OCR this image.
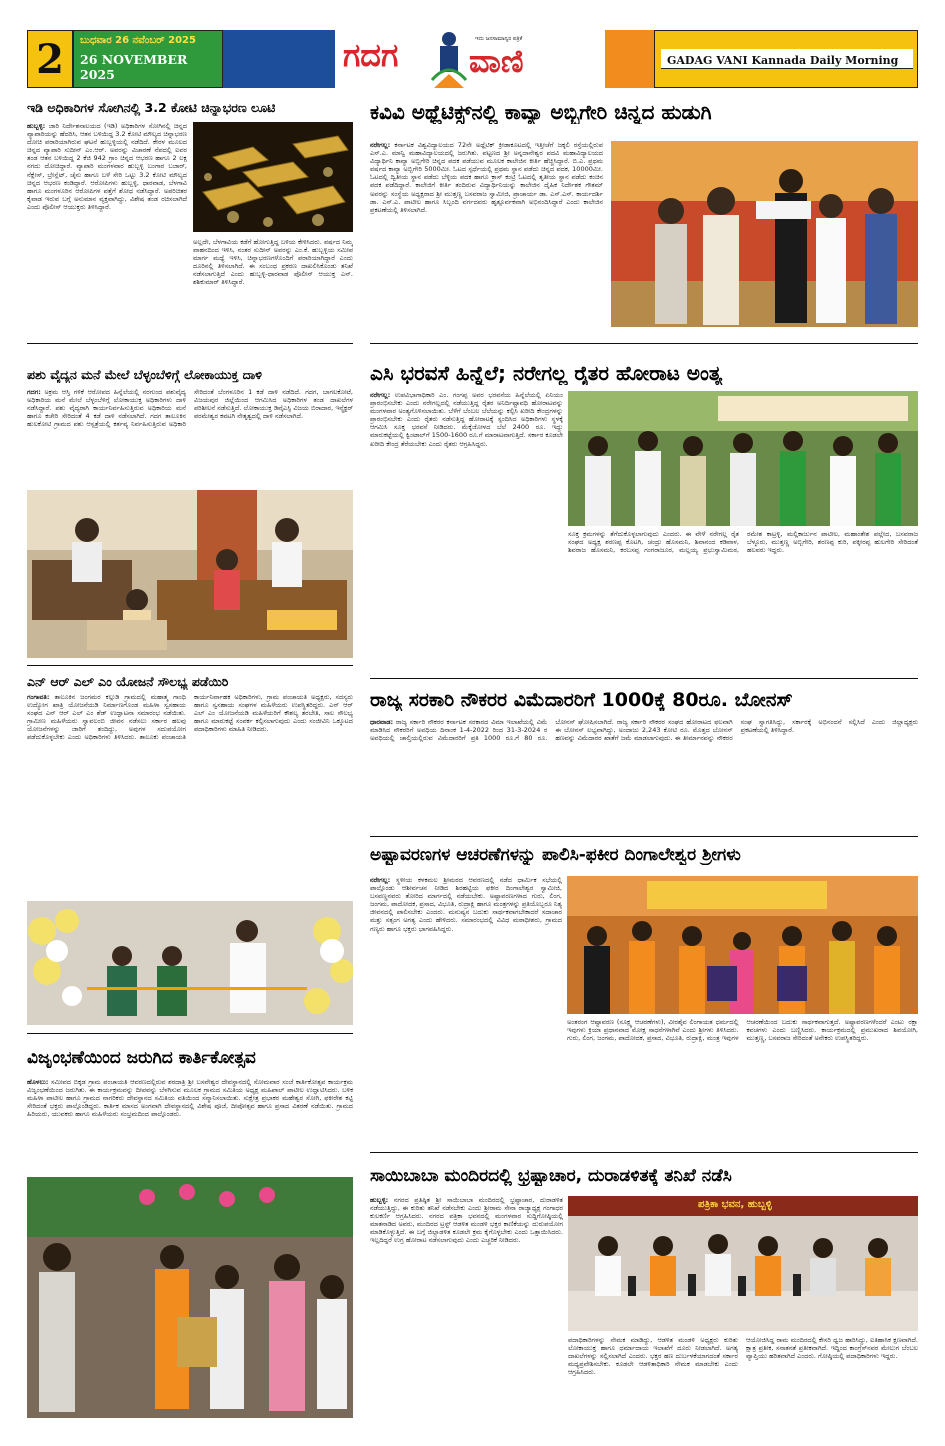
2 ಬುಧವಾರ 26 ನವೆಂಬರ್ 2025
26 NOVEMBER 2025
ಗದಗ	ಇದು ಜನಸಾಮಾನ್ಯರ ಪತ್ರಿಕೆ
ವಾಣಿ	GADAG VANI Kannada Daily Morning
ಇಡಿ ಅಧಿಕಾರಿಗಳ ಸೋಗಿನಲ್ಲಿ 3.2 ಕೋಟಿ ಚಿನ್ನಾಭರಣ ಲೂಟಿ

ಹುಬ್ಬಳ್ಳಿ: ಜಾರಿ ನಿರ್ದೇಶನಾಲಯದ (ಇಡಿ) ಅಧಿಕಾರಿಗಳ ಸೋಗಿನಲ್ಲಿ ಚಿನ್ನದ ವ್ಯಾಪಾರಿಯನ್ನು ಹೆದರಿಸಿ, ಆತನ ಬಳಿಯಿದ್ದ 3.2 ಕೋಟಿ ಮೌಲ್ಯದ ಚಿನ್ನಾಭರಣ ದೋಚಿ ಪರಾರಿಯಾಗಿರುವ ಘಟನೆ ಹುಬ್ಬಳ್ಳಿಯಲ್ಲಿ ನಡೆದಿದೆ. ಕೇರಳ ಮೂಲದ ಚಿನ್ನದ ವ್ಯಾಪಾರಿ ಸುದೀನ್ ಎಂ.ಆರ್. ಅವರನ್ನು ವಿಚಾರಣೆ ನೆಪದಲ್ಲಿ ಐವರ ತಂಡ ಆತನ ಬಳಿಯಿದ್ದ 2 ಕೆಜಿ 942 ಗ್ರಾಂ ಚಿನ್ನದ ಆಭರಣ ಹಾಗೂ 2 ಲಕ್ಷ ನಗದು ದೋಚಿದ್ದಾರೆ. ವ್ಯಾಪಾರಿ ಮಂಗಳವಾರ ಹುಬ್ಬಳ್ಳಿ ಬಂಗಾರ ಬಜಾರ್, ನೆಕ್ಲೇಸ್, ಬ್ರೇಸ್ಲೆಟ್, ಚೈನು ಹಾಗೂ ಬಳೆ ಸೇರಿ ಒಟ್ಟು 3.2 ಕೋಟಿ ಮೌಲ್ಯದ ಚಿನ್ನದ ಆಭರಣ ಕಂಡಿದ್ದಾರೆ. ಆರೋಪಿಗಳು ಹುಬ್ಬಳ್ಳಿ, ಧಾರವಾಡ, ಬೆಳಗಾವಿ ಹಾಗೂ ಮಂಗಳೂರಿನ ಆರೋಪಿಗಳ ಪತ್ತೆಗೆ ಶೋಧ ನಡೆಸಿದ್ದಾರೆ. ಅಪರಿಚಿತರ ಕೈವಾಡ ಇರುವ ಬಗ್ಗೆ ಅನುಮಾನ ವ್ಯಕ್ತವಾಗಿದ್ದು, ವಿಶೇಷ ತಂಡ ರಚಿಸಲಾಗಿದೆ ಎಂದು ಪೊಲೀಸ್ ಆಯುಕ್ತರು ತಿಳಿಸಿದ್ದಾರೆ.

ಅಲ್ಲದೇ, ಬೆಳಗಾವಿಯ ಕಡೆಗೆ ಹೋಗುತ್ತಿದ್ದ ಬಳಿಯ ಕೇಳಿಸಿದರು. ವರ್ಷದ ನಿಮ್ಮ ವಾಹನದಿಂದ ಇಳಿಸಿ, ನಂತರ ಸುದೀನ್ ಅವರನ್ನು ಎಂ.ಕೆ. ಹುಬ್ಬಳ್ಳಿಯ ಸಮೀಪ ಮಾರ್ಗ ಮಧ್ಯೆ ಇಳಿಸಿ, ಚಿನ್ನಾಭರಣಗಳೊಂದಿಗೆ ಪರಾರಿಯಾಗಿದ್ದಾರೆ ಎಂದು ದೂರಿನಲ್ಲಿ ತಿಳಿಸಲಾಗಿದೆ. ಈ ಸಂಬಂಧ ಪ್ರಕರಣ ದಾಖಲಿಸಿಕೊಂಡು ತನಿಖೆ ನಡೆಸಲಾಗುತ್ತಿದೆ ಎಂದು ಹುಬ್ಬಳ್ಳಿ-ಧಾರವಾಡ ಪೊಲೀಸ್ ಆಯುಕ್ತ ಎನ್. ಶಶಿಕುಮಾರ್ ತಿಳಿಸಿದ್ದಾರೆ.
ಪಶು ವೈದ್ಯನ ಮನೆ ಮೇಲೆ ಬೆಳ್ಳಂಬೆಳಿಗ್ಗೆ ಲೋಕಾಯುಕ್ತ ದಾಳಿ

ಗದಗ: ಅಕ್ರಮ ಆಸ್ತಿ ಗಳಿಕೆ ಆರೋಪದ ಹಿನ್ನೆಲೆಯಲ್ಲಿ ನರಗುಂದ ಪಶುವೈದ್ಯ ಅಧಿಕಾರಿಯ ಮನೆ ಮೇಲೆ ಬೆಳ್ಳಂಬೆಳಿಗ್ಗೆ ಲೋಕಾಯುಕ್ತ ಅಧಿಕಾರಿಗಳು ದಾಳಿ ನಡೆಸಿದ್ದಾರೆ. ಪಶು ವೈದ್ಯರಾಗಿ ಕಾರ್ಯನಿರ್ವಹಿಸುತ್ತಿರುವ ಅಧಿಕಾರಿಯ ಮನೆ ಹಾಗೂ ಕಚೇರಿ ಸೇರಿದಂತೆ 4 ಕಡೆ ದಾಳಿ ನಡೆಸಲಾಗಿದೆ. ಗದಗ ತಾಲೂಕಿನ ಹುಲಕೋಟಿ ಗ್ರಾಮದ ಪಶು ಆಸ್ಪತ್ರೆಯಲ್ಲಿ ಕರ್ತವ್ಯ ನಿರ್ವಹಿಸುತ್ತಿರುವ ಅಧಿಕಾರಿ ಸೇರಿದಂತೆ ಬೆಂಗಳೂರಿನ 1 ಕಡೆ ದಾಳಿ ನಡೆದಿದೆ. ಗದಗ, ಬಾಗಲಕೋಟೆ, ವಿಜಯಪುರ ಜಿಲ್ಲೆಯಿಂದ ಆಗಮಿಸಿದ ಅಧಿಕಾರಿಗಳ ತಂಡ ದಾಖಲೆಗಳ ಪರಿಶೀಲನೆ ನಡೆಸುತ್ತಿದೆ. ಲೋಕಾಯುಕ್ತ ಡಿವೈಎಸ್ಪಿ ವಿಜಯ ಬಿರಾದಾರ, ಇನ್ಸ್ಪೆಕ್ಟರ್ ಪರಮೇಶ್ವರ ಕವಟಗಿ ನೇತೃತ್ವದಲ್ಲಿ ದಾಳಿ ನಡೆಸಲಾಗಿದೆ.

ಎನ್ ಆರ್ ಎಲ್ ಎಂ ಯೋಜನೆ ಸೌಲಭ್ಯ ಪಡೆಯಿರಿ

ಗಂಗಾವತಿ: ತಾಲೂಕಿನ ಜಂಗಮರ ಕಲ್ಗುಡಿ ಗ್ರಾಮದಲ್ಲಿ ಮಹಾತ್ಮ ಗಾಂಧಿ ಉದ್ಯೋಗ ಖಾತ್ರಿ ಯೋಜನೆಯಡಿ ನಿರ್ಮಾಣಗೊಂಡ ಮಹಿಳಾ ಸ್ವಸಹಾಯ ಸಂಘದ ಎನ್ ಆರ್ ಎಲ್ ಎಂ ಶೆಡ್ ಉದ್ಘಾಟನಾ ಸಮಾರಂಭ ನಡೆಯಿತು. ಗ್ರಾಮೀಣ ಮಹಿಳೆಯರು ಸ್ವಾವಲಂಬಿ ಜೀವನ ನಡೆಸಲು ಸರ್ಕಾರ ಹಲವು ಯೋಜನೆಗಳನ್ನು ಜಾರಿಗೆ ತಂದಿದ್ದು, ಅವುಗಳ ಸದುಪಯೋಗ ಪಡೆದುಕೊಳ್ಳಬೇಕು ಎಂದು ಅಧಿಕಾರಿಗಳು ತಿಳಿಸಿದರು. ತಾಲೂಕು ಪಂಚಾಯತಿ ಕಾರ್ಯನಿರ್ವಾಹಕ ಅಧಿಕಾರಿಗಳು, ಗ್ರಾಮ ಪಂಚಾಯತಿ ಅಧ್ಯಕ್ಷರು, ಸದಸ್ಯರು ಹಾಗೂ ಸ್ವಸಹಾಯ ಸಂಘಗಳ ಮಹಿಳೆಯರು ಉಪಸ್ಥಿತರಿದ್ದರು. ಎನ್ ಆರ್ ಎಲ್ ಎಂ ಯೋಜನೆಯಡಿ ಮಹಿಳೆಯರಿಗೆ ಕೌಶಲ್ಯ ತರಬೇತಿ, ಸಾಲ ಸೌಲಭ್ಯ ಹಾಗೂ ಮಾರುಕಟ್ಟೆ ಸಂಪರ್ಕ ಕಲ್ಪಿಸಲಾಗುವುದು ಎಂದು ಸಂಜೀವಿನಿ ಒಕ್ಕೂಟದ ಪದಾಧಿಕಾರಿಗಳು ಮಾಹಿತಿ ನೀಡಿದರು.

ವಿಜೃಂಭಣೆಯಿಂದ ಜರುಗಿದ ಕಾರ್ತಿಕೋತ್ಸವ

ಹೊಳಲು: ಸಮೀಪದ ಬಿಕ್ಕಡ ಗ್ರಾಮ ಪಂಚಾಯತಿ ಆವರಣದಲ್ಲಿರುವ ಶರದಾತ್ರಿ ಶ್ರೀ ಬಸವೇಶ್ವರ ದೇವಸ್ಥಾನದಲ್ಲಿ ಸೋಮವಾರ ಸಂಜೆ ಕಾರ್ತಿಕೋತ್ಸವ ಕಾರ್ಯಕ್ರಮ ವಿಜೃಂಭಣೆಯಿಂದ ಜರುಗಿತು. ಈ ಕಾರ್ಯಕ್ರಮವನ್ನು ದೀಪವನ್ನು ಬೆಳಗಿಸುವ ಮೂಲಕ ಗ್ರಾಮದ ಸಮಿತಿಯ ಅಧ್ಯಕ್ಷ ಮಹಿಪಾಲ್ ಪಾಟೀಲ ಉದ್ಘಾಟಿಸಿದರು. ಬಳಿಕ ಮಹಿಳಾ ಪಾಟೀಲ ಹಾಗೂ ಗ್ರಾಮದ ನಾಗರಿಕರು ದೇವಸ್ಥಾನದ ಸಮಿತಿಯ ವತಿಯಿಂದ ಸನ್ಮಾನಿಸಲಾಯಿತು. ಸುಕ್ಷೇತ್ರ ಪ್ರಭಾಕರ ಮಹೇಶ್ವರ ಸೋಗಿ, ಫಕೀರೇಶ ಕಟ್ಟಿ ಸೇರಿದಂತೆ ಭಕ್ತರು ಪಾಲ್ಗೊಂಡಿದ್ದರು. ಕಾರ್ತಿಕ ಮಾಸದ ಅಂಗವಾಗಿ ದೇವಸ್ಥಾನದಲ್ಲಿ ವಿಶೇಷ ಪೂಜೆ, ದೀಪೋತ್ಸವ ಹಾಗೂ ಪ್ರಸಾದ ವಿತರಣೆ ನಡೆಯಿತು. ಗ್ರಾಮದ ಹಿರಿಯರು, ಯುವಕರು ಹಾಗೂ ಮಹಿಳೆಯರು ಸಂಭ್ರಮದಿಂದ ಪಾಲ್ಗೊಂಡರು.

ಕವಿವಿ ಅಥ್ಲೆಟಿಕ್ಸ್‌ನಲ್ಲಿ ಕಾವ್ಯಾ ಅಬ್ಬಿಗೇರಿ ಚಿನ್ನದ ಹುಡುಗಿ

ನರೇಗಲ್ಲ: ಕರ್ನಾಟಕ ವಿಶ್ವವಿದ್ಯಾಲಯದ 72ನೇ ಅಥ್ಲೆಟಿಕ್ ಕ್ರೀಡಾಕೂಟದಲ್ಲಿ ಇತ್ತೀಚೆಗೆ ಜಕ್ಕಲಿ ರಸ್ತೆಯಲ್ಲಿರುವ ಎಸ್.ಎ. ಮಾನ್ವಿ ಮಹಾವಿದ್ಯಾಲಯದಲ್ಲಿ ಜರುಗಿತು. ಪಟ್ಟಣದ ಶ್ರೀ ಅನ್ನದಾನೇಶ್ವರ ಪದವಿ ಮಹಾವಿದ್ಯಾಲಯದ ವಿದ್ಯಾರ್ಥಿನಿ ಕಾವ್ಯಾ ಅಬ್ಬಿಗೇರಿ ಚಿನ್ನದ ಪದಕ ಪಡೆಯುವ ಮೂಲಕ ಕಾಲೇಜಿನ ಕೀರ್ತಿ ಹೆಚ್ಚಿಸಿದ್ದಾರೆ. ಬಿ.ಎ. ಪ್ರಥಮ ವರ್ಷದ ಕಾವ್ಯಾ ಅಬ್ಬಿಗೇರಿ 5000ಮೀ. ಓಟದ ಸ್ಪರ್ಧೆಯಲ್ಲಿ ಪ್ರಥಮ ಸ್ಥಾನ ಪಡೆದು ಚಿನ್ನದ ಪದಕ, 10000ಮೀ. ಓಟದಲ್ಲಿ ದ್ವಿತೀಯ ಸ್ಥಾನ ಪಡೆದು ಬೆಳ್ಳಿಯ ಪದಕ ಹಾಗೂ ಕ್ರಾಸ್ ಕಂಟ್ರಿ ಓಟದಲ್ಲಿ ತೃತೀಯ ಸ್ಥಾನ ಪಡೆದು ಕಂಚಿನ ಪದಕ ಪಡೆದಿದ್ದಾರೆ. ಕಾಲೇಜಿಗೆ ಕೀರ್ತಿ ತಂದಿರುವ ವಿದ್ಯಾರ್ಥಿನಿಯನ್ನು ಕಾಲೇಜಿನ ದೈಹಿಕ ನಿರ್ದೇಶಕ ಗೌತಮ್ ಅವರನ್ನು ಸಂಸ್ಥೆಯ ಅಧ್ಯಕ್ಷರಾದ ಶ್ರೀ ಮುತ್ತಣ್ಣ ಬಸವರಾಜ ಸ್ವಾಮೀಜಿ, ಪ್ರಾಚಾರ್ಯ ಡಾ. ಎಸ್.ಎಸ್. ಕಾರ್ಯದರ್ಶಿ ಡಾ. ಎಸ್.ಎ. ಪಾಟೀಲ ಹಾಗೂ ಸಿಬ್ಬಂದಿ ವರ್ಗದವರು ಹೃತ್ಪೂರ್ವಕವಾಗಿ ಅಭಿನಂದಿಸಿದ್ದಾರೆ ಎಂದು ಕಾಲೇಜಿನ ಪ್ರಕಟಣೆಯಲ್ಲಿ ತಿಳಿಸಲಾಗಿದೆ.

ಎಸಿ ಭರವಸೆ ಹಿನ್ನೆಲೆ; ನರೇಗಲ್ಲ ರೈತರ ಹೋರಾಟ ಅಂತ್ಯ

ನರೇಗಲ್ಲ: ಉಪವಿಭಾಗಾಧಿಕಾರಿ ಎಂ. ಗಂಗಪ್ಪ ಅವರ ಭರವಸೆಯ ಹಿನ್ನೆಲೆಯಲ್ಲಿ ಏನಿಯಂ ಪ್ರಾರಂಭಿಸಬೇಕು ಎಂದು ನರೇಗಲ್ಲದಲ್ಲಿ ನಡೆಯುತ್ತಿದ್ದ ರೈತರ ಅನಿರ್ದಿಷ್ಟಾವಧಿ ಹೋರಾಟವನ್ನು ಮಂಗಳವಾರ ಅಂತ್ಯಗೊಳಿಸಲಾಯಿತು. ಬೆಳೆಗೆ ಬೆಂಬಲ ಬೆಲೆಯನ್ನು ಕಲ್ಪಿಸಿ ಖರೀದಿ ಕೇಂದ್ರಗಳನ್ನು ಪ್ರಾರಂಭಿಸಬೇಕು ಎಂದು ರೈತರು ನಡೆಸುತ್ತಿದ್ದ ಹೋರಾಟಕ್ಕೆ ಸ್ಪಂದಿಸಿದ ಅಧಿಕಾರಿಗಳು ಸ್ಥಳಕ್ಕೆ ಆಗಮಿಸಿ ಸೂಕ್ತ ಭರವಸೆ ನೀಡಿದರು. ಮೆಕ್ಕೆಜೋಳದ ಬೆಲೆ 2400 ರೂ. ಇದ್ದು ಮಾರುಕಟ್ಟೆಯಲ್ಲಿ ಕ್ವಿಂಟಾಲ್‌ಗೆ 1500-1600 ರೂ.ಗೆ ಮಾರಾಟವಾಗುತ್ತಿದೆ. ಸರ್ಕಾರ ಕೂಡಲೇ ಖರೀದಿ ಕೇಂದ್ರ ತೆರೆಯಬೇಕು ಎಂದು ರೈತರು ಆಗ್ರಹಿಸಿದ್ದರು.

ಸೂಕ್ತ ಕ್ರಮಗಳನ್ನು ತೆಗೆದುಕೊಳ್ಳಲಾಗುವುದು ಎಂದರು. ಈ ವೇಳೆ ನರೇಗಲ್ಲ ರೈತ ಸಂಘದ ಅಧ್ಯಕ್ಷ ಶರಣಪ್ಪ ಕೊಟಗಿ, ಚಂದ್ರು ಹೊಸಮನಿ, ಶಿವಾನಂದ ಕಡಿವಾಳ, ಶಿವರಾಜ ಹೊಸಮನಿ, ಕರಬಸಪ್ಪ ಗಂಗರಾಜೂರ, ಮಲ್ಲಯ್ಯ ಪ್ರಭುಸ್ವಾಮಿಮಠ, ರಮೇಶ ಕಾಟ್ರಳ್ಳಿ, ಮಲ್ಲಿಕಾರ್ಜುನ ಪಾಟೀಲ, ಮಹಾಂತೇಶ ಪಲ್ಲೇದ, ಬಸವರಾಜ ಬೆಳ್ಳೂರು, ಮುತ್ತಣ್ಣ ಅಬ್ಬಿಗೇರಿ, ಶರಣಪ್ಪ ಕುರಿ, ಪಕ್ಕೀರಪ್ಪ ಹುಲಗೇರಿ ಸೇರಿದಂತೆ ಹಲವರು ಇದ್ದರು.
ರಾಜ್ಯ ಸರಕಾರಿ ನೌಕರರ ವಿಮೆದಾರರಿಗೆ 1000ಕ್ಕೆ 80ರೂ. ಬೋನಸ್

ಧಾರವಾಡ: ರಾಜ್ಯ ಸರ್ಕಾರಿ ನೌಕರರ ಕರ್ನಾಟಕ ಸರಕಾರದ ವಿಮಾ ಇಲಾಖೆಯಲ್ಲಿ ವಿಮೆ ಮಾಡಿಸಿದ ನೌಕರರಿಗೆ ಅವಧಿಯ ದಿನಾಂಕ 1-4-2022 ರಿಂದ 31-3-2024 ರ ಅವಧಿಯಲ್ಲಿ ಚಾಲ್ತಿಯಲ್ಲಿರುವ ವಿಮೆದಾರರಿಗೆ ಪ್ರತಿ 1000 ರೂ.ಗೆ 80 ರೂ. ಬೋನಸ್ ಘೋಷಿಸಲಾಗಿದೆ. ರಾಜ್ಯ ಸರ್ಕಾರಿ ನೌಕರರ ಸಂಘದ ಹೋರಾಟದ ಫಲವಾಗಿ ಈ ಬೋನಸ್ ಲಭ್ಯವಾಗಿದ್ದು, ಅಂದಾಜು 2,243 ಕೋಟಿ ರೂ. ಮೊತ್ತದ ಬೋನಸ್ ಹಣವನ್ನು ವಿಮೆದಾರರ ಖಾತೆಗೆ ಜಮೆ ಮಾಡಲಾಗುವುದು. ಈ ತೀರ್ಮಾನವನ್ನು ನೌಕರರ ಸಂಘ ಸ್ವಾಗತಿಸಿದ್ದು, ಸರ್ಕಾರಕ್ಕೆ ಅಭಿನಂದನೆ ಸಲ್ಲಿಸಿದೆ ಎಂದು ಜಿಲ್ಲಾಧ್ಯಕ್ಷರು ಪ್ರಕಟಣೆಯಲ್ಲಿ ತಿಳಿಸಿದ್ದಾರೆ.

ಅಷ್ಟಾವರಣಗಳ ಆಚರಣೆಗಳನ್ನು ಪಾಲಿಸಿ-ಫಕೀರ ದಿಂಗಾಲೇಶ್ವರ ಶ್ರೀಗಳು

ನರೇಗಲ್ಲ: ಸ್ಥಳೀಯ ಕಳಕಮಲ ಶ್ರೀಮಠದ ಆವರಣದಲ್ಲಿ ನಡೆದ ಧಾರ್ಮಿಕ ಸಭೆಯಲ್ಲಿ ಪಾಲ್ಗೊಂಡು ಆಶೀರ್ವಚನ ನೀಡಿದ ಶಿರಹಟ್ಟಿಯ ಫಕೀರ ದಿಂಗಾಲೇಶ್ವರ ಸ್ವಾಮೀಜಿ, ಬಸವಣ್ಣನವರು ತೋರಿದ ಮಾರ್ಗದಲ್ಲಿ ನಡೆಯಬೇಕು. ಅಷ್ಟಾವರಣಗಳಾದ ಗುರು, ಲಿಂಗ, ಜಂಗಮ, ಪಾದೋದಕ, ಪ್ರಸಾದ, ವಿಭೂತಿ, ರುದ್ರಾಕ್ಷಿ ಹಾಗೂ ಮಂತ್ರಗಳನ್ನು ಪ್ರತಿಯೊಬ್ಬರೂ ನಿತ್ಯ ಜೀವನದಲ್ಲಿ ಪಾಲಿಸಬೇಕು ಎಂದರು. ಮನುಷ್ಯನ ಬದುಕು ಸಾರ್ಥಕವಾಗಬೇಕಾದರೆ ಸದಾಚಾರ ಮತ್ತು ಸತ್ಸಂಗ ಅಗತ್ಯ ಎಂದು ಹೇಳಿದರು. ಸಮಾರಂಭದಲ್ಲಿ ವಿವಿಧ ಮಠಾಧೀಶರು, ಗ್ರಾಮದ ಗಣ್ಯರು ಹಾಗೂ ಭಕ್ತರು ಭಾಗವಹಿಸಿದ್ದರು.

ಅಂತರಂಗ ಆಷ್ಟಾವರಣ (ಸೂಕ್ಷ್ಮ ಆಚರಣೆಗಳು), ವೀರಶೈವ ಲಿಂಗಾಯತ ಧರ್ಮದಲ್ಲಿ ಇವುಗಳು ಕ್ರಿಯಾ ಪ್ರಧಾನವಾದ ಮೋಕ್ಷ ಸಾಧನೆಗಳಾಗಿವೆ ಎಂದು ಶ್ರೀಗಳು ತಿಳಿಸಿದರು. ಗುರು, ಲಿಂಗ, ಜಂಗಮ, ಪಾದೋದಕ, ಪ್ರಸಾದ, ವಿಭೂತಿ, ರುದ್ರಾಕ್ಷಿ, ಮಂತ್ರ ಇವುಗಳ ಆಚರಣೆಯಿಂದ ಬದುಕು ಸಾರ್ಥಕವಾಗುತ್ತದೆ. ಅಷ್ಟಾವರಣಗಳೆಂದರೆ ಎಂಟು ರಕ್ಷಾ ಕವಚಗಳು ಎಂದು ಬಣ್ಣಿಸಿದರು. ಕಾರ್ಯಕ್ರಮದಲ್ಲಿ ಪ್ರಮುಖರಾದ ಶಿವಯೋಗಿ, ಮುತ್ತಣ್ಣ, ಬಸವರಾಜ ಸೇರಿದಂತೆ ಅನೇಕರು ಉಪಸ್ಥಿತರಿದ್ದರು.
ಸಾಯಿಬಾಬಾ ಮಂದಿರದಲ್ಲಿ ಭ್ರಷ್ಟಾಚಾರ, ದುರಾಡಳಿತಕ್ಕೆ ತನಿಖೆ ನಡೆಸಿ

ಹುಬ್ಬಳ್ಳಿ: ನಗರದ ಪ್ರತಿಷ್ಠಿತ ಶ್ರೀ ಸಾಯಿಬಾಬಾ ಮಂದಿರದಲ್ಲಿ ಭ್ರಷ್ಟಾಚಾರ, ದುರಾಡಳಿತ ನಡೆಯುತ್ತಿದ್ದು, ಈ ಕುರಿತು ತನಿಖೆ ನಡೆಸಬೇಕು ಎಂದು ಶ್ರೀರಾಮ ಸೇನಾ ರಾಜ್ಯಾಧ್ಯಕ್ಷ ಗಂಗಾಧರ ಕುಲಕರ್ಣಿ ಆಗ್ರಹಿಸಿದರು. ನಗರದ ಪತ್ರಿಕಾ ಭವನದಲ್ಲಿ ಮಂಗಳವಾರ ಸುದ್ದಿಗೋಷ್ಠಿಯಲ್ಲಿ ಮಾತನಾಡಿದ ಅವರು, ಮಂದಿರದ ಟ್ರಸ್ಟ್ ಆಡಳಿತ ಮಂಡಳಿ ಭಕ್ತರ ಕಾಣಿಕೆಯನ್ನು ದುರುಪಯೋಗ ಮಾಡಿಕೊಳ್ಳುತ್ತಿದೆ. ಈ ಬಗ್ಗೆ ಜಿಲ್ಲಾಡಳಿತ ಕೂಡಲೇ ಕ್ರಮ ಕೈಗೊಳ್ಳಬೇಕು ಎಂದು ಒತ್ತಾಯಿಸಿದರು. ಇಲ್ಲದಿದ್ದರೆ ಉಗ್ರ ಹೋರಾಟ ನಡೆಸಲಾಗುವುದು ಎಂದು ಎಚ್ಚರಿಕೆ ನೀಡಿದರು.

ಪತ್ರಿಕಾ ಭವನ, ಹುಬ್ಬಳ್ಳಿ
ಪದಾಧಿಕಾರಿಗಳನ್ನು ನೇಮಕ ಮಾಡಿದ್ದು, ಆಡಳಿತ ಮಂಡಳಿ ಅಧ್ಯಕ್ಷರು ಕುರಿತು ಲೋಕಾಯುಕ್ತ ಹಾಗೂ ಧರ್ಮಾದಾಯ ಇಲಾಖೆಗೆ ದೂರು ನೀಡಲಾಗಿದೆ. ಅಗತ್ಯ ದಾಖಲೆಗಳನ್ನು ಸಲ್ಲಿಸಲಾಗಿದೆ ಎಂದರು. ಭಕ್ತರ ಹಣ ದುರ್ಬಳಕೆಯಾಗದಂತೆ ಸರ್ಕಾರ ಮಧ್ಯಪ್ರವೇಶಿಸಬೇಕು. ಕೂಡಲೇ ಆಡಳಿತಾಧಿಕಾರಿ ನೇಮಕ ಮಾಡಬೇಕು ಎಂದು ಆಗ್ರಹಿಸಿದರು.
ಆಯೋಜಿಸಿದ್ದ ರಾಮ ಮಂದಿರದಲ್ಲಿ ಕೇಸರಿ ಧ್ವಜ ಹಾರಿಸಿದ್ದು, ಐತಿಹಾಸಿಕ ಕ್ಷಣವಾಗಿದೆ. ಕ್ಷಾತ್ರ ಪ್ರತೀಕ, ಸನಾತನತೆ ಪ್ರತೀಕವಾಗಿದೆ. ಇದ್ದಿಂದ ಕಾಂಗ್ರೆಸ್‌ನವರ ಮೇಲುಗ ಬೆಂಬಲ ವ್ಯಾಪ್ತಿಯು ಹರಿತವಾಗಿದೆ ಎಂದರು. ಗೋಷ್ಠಿಯಲ್ಲಿ ಪದಾಧಿಕಾರಿಗಳು ಇದ್ದರು.
